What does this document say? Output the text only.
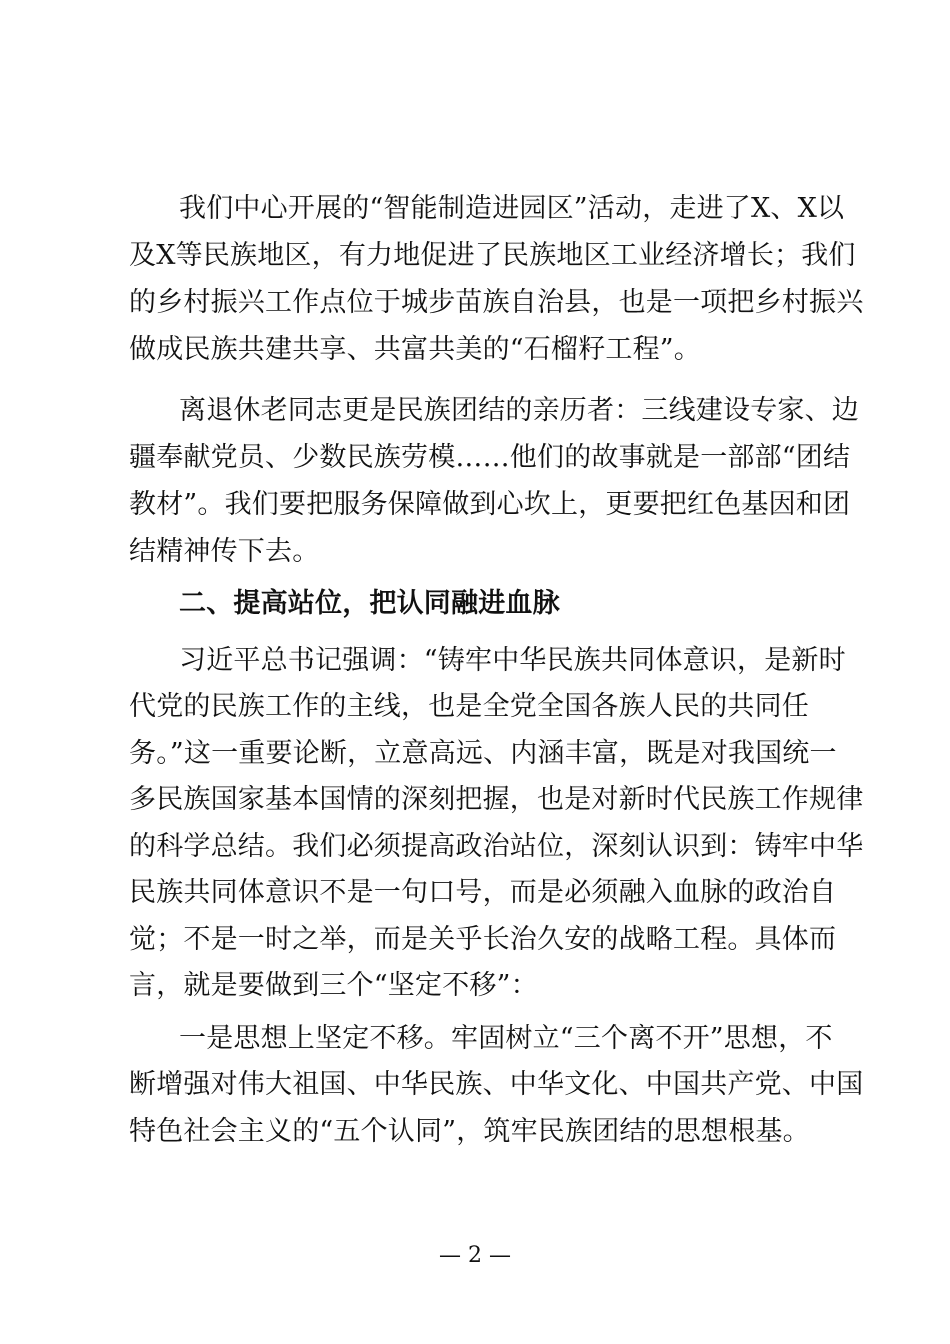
我们中心开展的“智能制造进园区”活动，走进了X、X以
及X等民族地区，有力地促进了民族地区工业经济增长；我们
的乡村振兴工作点位于城步苗族自治县，也是一项把乡村振兴
做成民族共建共享、共富共美的“石榴籽工程”。
离退休老同志更是民族团结的亲历者：三线建设专家、边
疆奉献党员、少数民族劳模……他们的故事就是一部部“团结
教材”。我们要把服务保障做到心坎上，更要把红色基因和团
结精神传下去。
二、提高站位，把认同融进血脉
习近平总书记强调：“铸牢中华民族共同体意识，是新时
代党的民族工作的主线，也是全党全国各族人民的共同任
务。”这一重要论断，立意高远、内涵丰富，既是对我国统一
多民族国家基本国情的深刻把握，也是对新时代民族工作规律
的科学总结。我们必须提高政治站位，深刻认识到：铸牢中华
民族共同体意识不是一句口号，而是必须融入血脉的政治自
觉；不是一时之举，而是关乎长治久安的战略工程。具体而
言，就是要做到三个“坚定不移”：
一是思想上坚定不移。牢固树立“三个离不开”思想，不
断增强对伟大祖国、中华民族、中华文化、中国共产党、中国
特色社会主义的“五个认同”，筑牢民族团结的思想根基。
— 2 —
